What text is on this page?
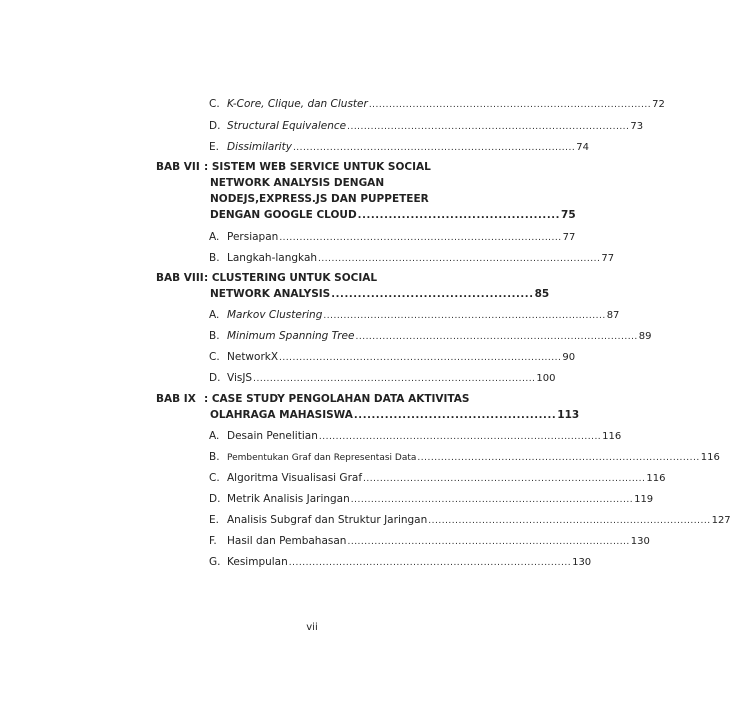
C. K-Core, Clique, dan Cluster .................................................................................... 72
D. Structural Equivalence .................................................................................... 73
E. Dissimilarity .................................................................................... 74
BAB VII : SISTEM WEB SERVICE UNTUK SOCIAL
NETWORK ANALYSIS DENGAN
NODEJS,EXPRESS.JS DAN PUPPETEER
DENGAN GOOGLE CLOUD .............................................. 75
A. Persiapan .................................................................................... 77
B. Langkah-langkah .................................................................................... 77
BAB VIII : CLUSTERING UNTUK SOCIAL
NETWORK ANALYSIS .............................................. 85
A. Markov Clustering .................................................................................... 87
B. Minimum Spanning Tree .................................................................................... 89
C. NetworkX .................................................................................... 90
D. VisJS .................................................................................... 100
BAB IX : CASE STUDY PENGOLAHAN DATA AKTIVITAS
OLAHRAGA MAHASISWA .............................................. 113
A. Desain Penelitian .................................................................................... 116
B. Pembentukan Graf dan Representasi Data .................................................................................... 116
C. Algoritma Visualisasi Graf .................................................................................... 116
D. Metrik Analisis Jaringan .................................................................................... 119
E. Analisis Subgraf dan Struktur Jaringan .................................................................................... 127
F. Hasil dan Pembahasan .................................................................................... 130
G. Kesimpulan .................................................................................... 130
vii
